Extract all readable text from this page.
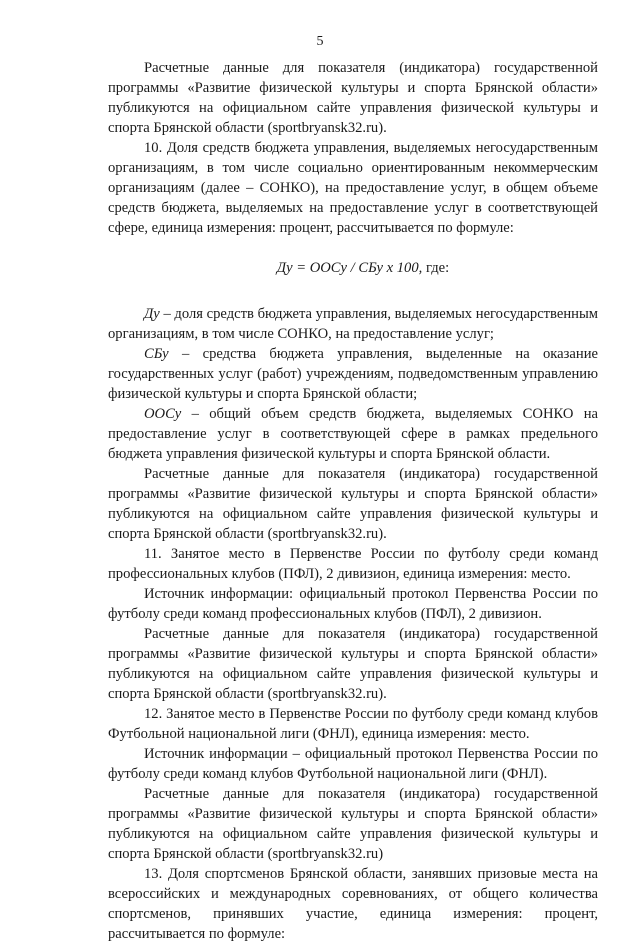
5

Расчетные данные для показателя (индикатора) государственной программы «Развитие физической культуры и спорта Брянской области» публикуются на официальном сайте управления физической культуры и спорта Брянской области (sportbryansk32.ru).

10. Доля средств бюджета управления, выделяемых негосударственным организациям, в том числе социально ориентированным некоммерческим организациям (далее – СОНКО), на предоставление услуг, в общем объеме средств бюджета, выделяемых на предоставление услуг в соответствующей сфере, единица измерения: процент, рассчитывается по формуле:

Ду = ООСу / СБу х 100, где:

Ду – доля средств бюджета управления, выделяемых негосударственным организациям, в том числе СОНКО, на предоставление услуг;

СБу – средства бюджета управления, выделенные на оказание государственных услуг (работ) учреждениям, подведомственным управлению физической культуры и спорта Брянской области;

ООСу – общий объем средств бюджета, выделяемых СОНКО на предоставление услуг в соответствующей сфере в рамках предельного бюджета управления физической культуры и спорта Брянской области.

Расчетные данные для показателя (индикатора) государственной программы «Развитие физической культуры и спорта Брянской области» публикуются на официальном сайте управления физической культуры и спорта Брянской области (sportbryansk32.ru).

11. Занятое место в Первенстве России по футболу среди команд профессиональных клубов (ПФЛ), 2 дивизион, единица измерения: место.

Источник информации: официальный протокол Первенства России по футболу среди команд профессиональных клубов (ПФЛ), 2 дивизион.

Расчетные данные для показателя (индикатора) государственной программы «Развитие физической культуры и спорта Брянской области» публикуются на официальном сайте управления физической культуры и спорта Брянской области (sportbryansk32.ru).

12. Занятое место в Первенстве России по футболу среди команд клубов Футбольной национальной лиги (ФНЛ), единица измерения: место.

Источник информации – официальный протокол Первенства России по футболу среди команд клубов Футбольной национальной лиги (ФНЛ).

Расчетные данные для показателя (индикатора) государственной программы «Развитие физической культуры и спорта Брянской области» публикуются на официальном сайте управления физической культуры и спорта Брянской области (sportbryansk32.ru)

13. Доля спортсменов Брянской области, занявших призовые места на всероссийских и международных соревнованиях, от общего количества спортсменов, принявших участие, единица измерения: процент, рассчитывается по формуле:
